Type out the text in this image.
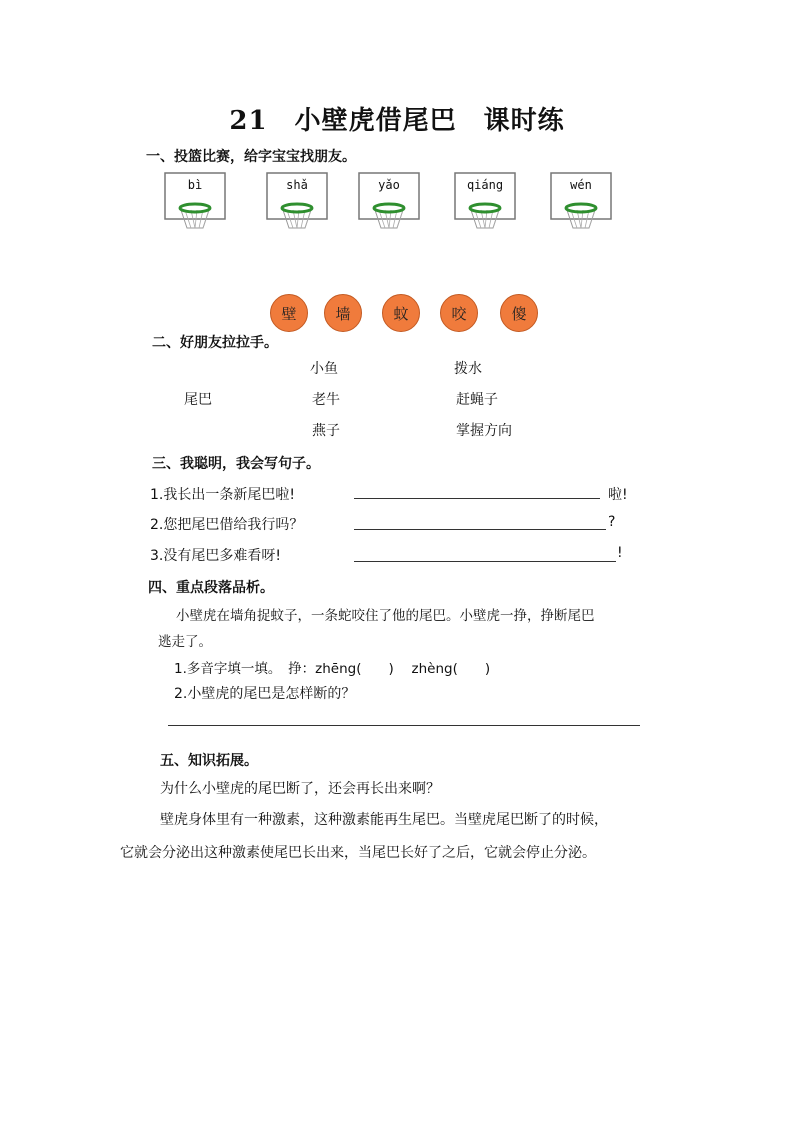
21　小壁虎借尾巴　课时练
一、投篮比赛，给字宝宝找朋友。
bì	shǎ	yǎo	qiáng	wén
壁	墙	蚊	咬	傻
二、好朋友拉拉手。
尾巴
小鱼
老牛
燕子
拨水
赶蝇子
掌握方向
三、我聪明，我会写句子。
1.我长出一条新尾巴啦!	啦!
2.您把尾巴借给我行吗？	?
3.没有尾巴多难看呀!	!
四、重点段落品析。
小壁虎在墙角捉蚊子，一条蛇咬住了他的尾巴。小壁虎一挣，挣断尾巴
逃走了。
1.多音字填一填。　挣：zhēng(　　)　 zhèng(　　)
2.小壁虎的尾巴是怎样断的？
五、知识拓展。
为什么小壁虎的尾巴断了，还会再长出来啊？
壁虎身体里有一种激素，这种激素能再生尾巴。当壁虎尾巴断了的时候，
它就会分泌出这种激素使尾巴长出来，当尾巴长好了之后，它就会停止分泌。
